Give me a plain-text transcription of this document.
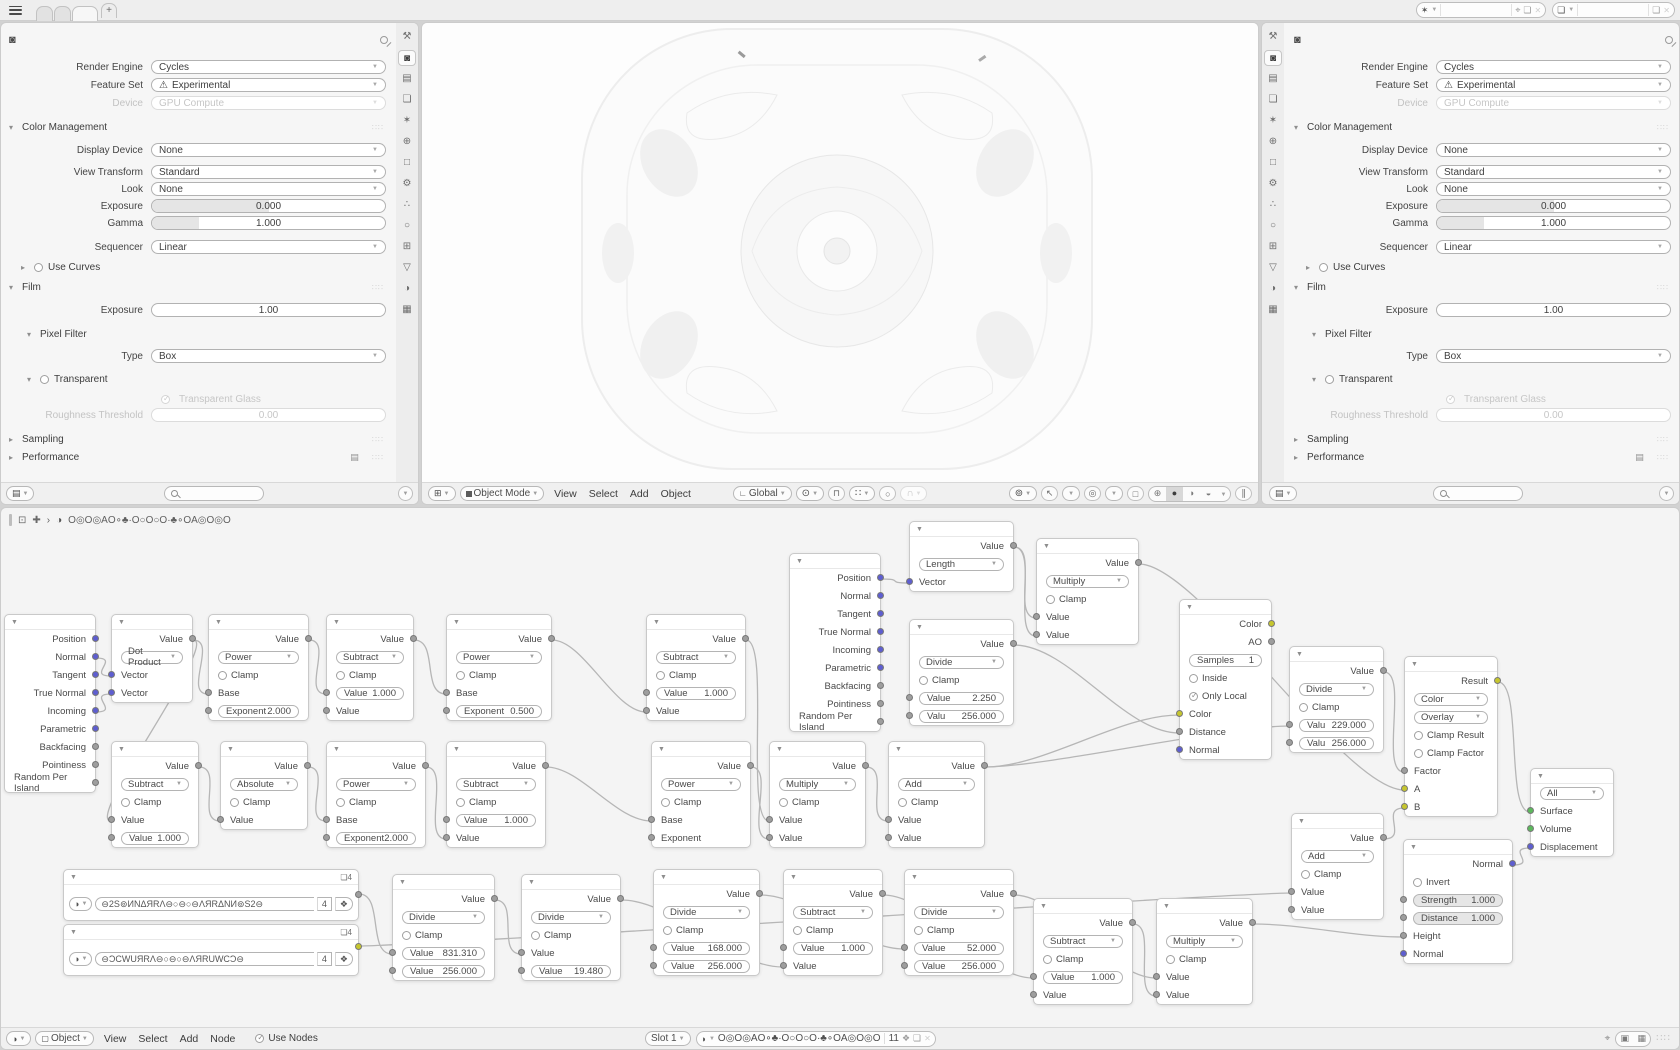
+	✶ ▼	⌖ ❏ ✕ ❏ ▼	❏ ✕
◙
Render Engine	Cycles	▼
Feature Set	⚠ Experimental	▼
Device	GPU Compute	▼
▾ Color Management	∷∷
Display Device	None	▼
View Transform	Standard	▼
Look	None	▼
Exposure	0.000
Gamma	1.000
Sequencer	Linear	▼
▸	Use Curves
▾ Film	∷∷
Exposure	1.00
▾ Pixel Filter
Type	Box	▼
▾	Transparent
✓
Transparent Glass
Roughness Threshold	0.00
▸ Sampling	∷∷
▸ Performance	▤ ∷∷
⚒
◙
▤
❏
✶
⊕
□
⚙
∴
○
⊞
▽
◑
▦
▤ ▼	▼	⊞ ▼ Object Mode ▼	View	Select	Add	Object	∟ Global ▼ ⊙ ▼ ⊓ ∷ ▼ ○ ∩ ▼	⊚ ▼ ↖ ▼ ◎ ▼ □	⊕	●	◑	◒	▼	∥
⚒
◙
▤
❏
✶
⊕
□
⚙
∴
○
⊞
▽
◑
▦
◙
Render Engine	Cycles	▼
Feature Set	⚠ Experimental	▼
Device	GPU Compute	▼
▾ Color Management	∷∷
Display Device	None	▼
View Transform	Standard	▼
Look	None	▼
Exposure	0.000
Gamma	1.000
Sequencer	Linear	▼
▸	Use Curves
▾ Film	∷∷
Exposure	1.00
▾ Pixel Filter
Type	Box	▼
▾	Transparent
✓
Transparent Glass
Roughness Threshold	0.00
▸ Sampling	∷∷
▸ Performance	▤ ∷∷
▤ ▼	▼
⊡ ✚ › ◑ O◎O◎AO∘♣·O○O○O·♣∘OA◎O◎O
▼
Position
Normal
Tangent
True Normal
Incoming
Parametric
Backfacing
Pointiness
Random Per Island
▼
Value
Dot Product	▼
Vector
Vector
▼
Value
Power	▼
Clamp
Base
Exponent 2.000
▼
Value
Subtract ▼
Clamp
Value 1.000
Value
▼
Value
Power	▼
Clamp
Base
Exponent 0.500
▼
Value
Subtract	▼
Clamp
Value 1.000
Value
▼
Value
Subtract ▼
Clamp
Value
Value 1.000
▼
Value
Absolute ▼
Clamp
Value
▼
Value
Power	▼
Clamp
Base
Exponent 2.000
▼
Value
Subtract	▼
Clamp
Value 1.000
Value
▼
Value
Power	▼
Clamp
Base
Exponent
▼
Value
Multiply	▼
Clamp
Value
Value
▼
Value
Add	▼
Clamp
Value
Value
▼
Position
Normal
Tangent
True Normal
Incoming
Parametric
Backfacing
Pointiness
Random Per Island
▼
Value
Length	▼
Vector
▼
Value
Multiply	▼
Clamp
Value
Value
▼
Value
Divide	▼
Clamp
Value 2.250
Valu 256.000
▼
Color
AO
Samples 1
Inside
✓
Only Local
Color
Distance
Normal
▼
Value
Divide	▼
Clamp
Valu 229.000
Valu 256.000
▼
Result
Color	▼
Overlay	▼
Clamp Result
Clamp Factor
Factor
A
B
▼
All	▼
Surface
Volume
Displacement
▼
Value
Add	▼
Clamp
Value
Value
▼
Normal
Invert
Strength 1.000
Distance 1.000
Height
Normal
▼	❏4
◑ ▼	⊖2S⊚ИNΔЯRΛ⊖○⊖○⊖ΛЯRΔNИ⊚S2⊖	4	❖
▼	❏4
◑ ▼	⊖ƆCWUЯRΛ⊖○⊖○⊖ΛЯRUWCƆ⊖	4	❖
▼
Value
Divide	▼
Clamp
Value 831.310
Value 256.000
▼
Value
Divide	▼
Clamp
Value
Value 19.480
▼
Value
Divide	▼
Clamp
Value 168.000
Value 256.000
▼
Value
Subtract	▼
Clamp
Value 1.000
Value
▼
Value
Divide	▼
Clamp
Value 52.000
Value 256.000
▼
Value
Subtract	▼
Clamp
Value 1.000
Value
▼
Value
Multiply	▼
Clamp
Value
Value
◑ ▼ ▢ Object ▼	View	Select	Add	Node ✓	Use Nodes	Slot 1 ▼ ◑ ▼ O◎O◎AO∘♣·O○O○O·♣∘OA◎O◎O 11 ❖ ❏ ✕	⌖	▣ ▦	∷∷
